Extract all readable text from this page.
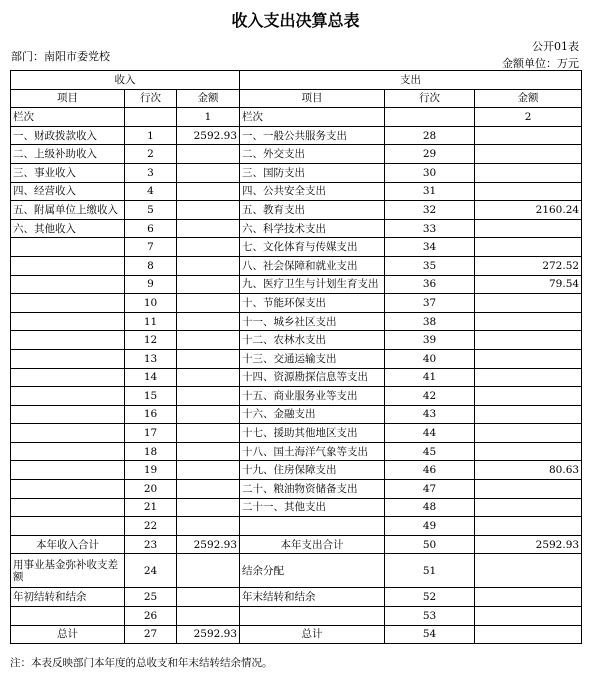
收入支出决算总表
部门：南阳市委党校
公开01表
金额单位：万元
收入			支出		
项目	行次	金额	项目	行次	金额
栏次		1	栏次		2
一、财政拨款收入	1	2592.93	一、一般公共服务支出	28	
二、上级补助收入	2		二、外交支出	29	
三、事业收入	3		三、国防支出	30	
四、经营收入	4		四、公共安全支出	31	
五、附属单位上缴收入	5		五、教育支出	32	2160.24
六、其他收入	6		六、科学技术支出	33	
	7		七、文化体育与传媒支出	34	
	8		八、社会保障和就业支出	35	272.52
	9		九、医疗卫生与计划生育支出	36	79.54
	10		十、节能环保支出	37	
	11		十一、城乡社区支出	38	
	12		十二、农林水支出	39	
	13		十三、交通运输支出	40	
	14		十四、资源勘探信息等支出	41	
	15		十五、商业服务业等支出	42	
	16		十六、金融支出	43	
	17		十七、援助其他地区支出	44	
	18		十八、国土海洋气象等支出	45	
	19		十九、住房保障支出	46	80.63
	20		二十、粮油物资储备支出	47	
	21		二十一、其他支出	48	
	22			49	
本年收入合计	23	2592.93	本年支出合计	50	2592.93
用事业基金弥补收支差额	24		结余分配	51	
年初结转和结余	25		年末结转和结余	52	
	26			53	
总计	27	2592.93	总计	54	
注：本表反映部门本年度的总收支和年末结转结余情况。
